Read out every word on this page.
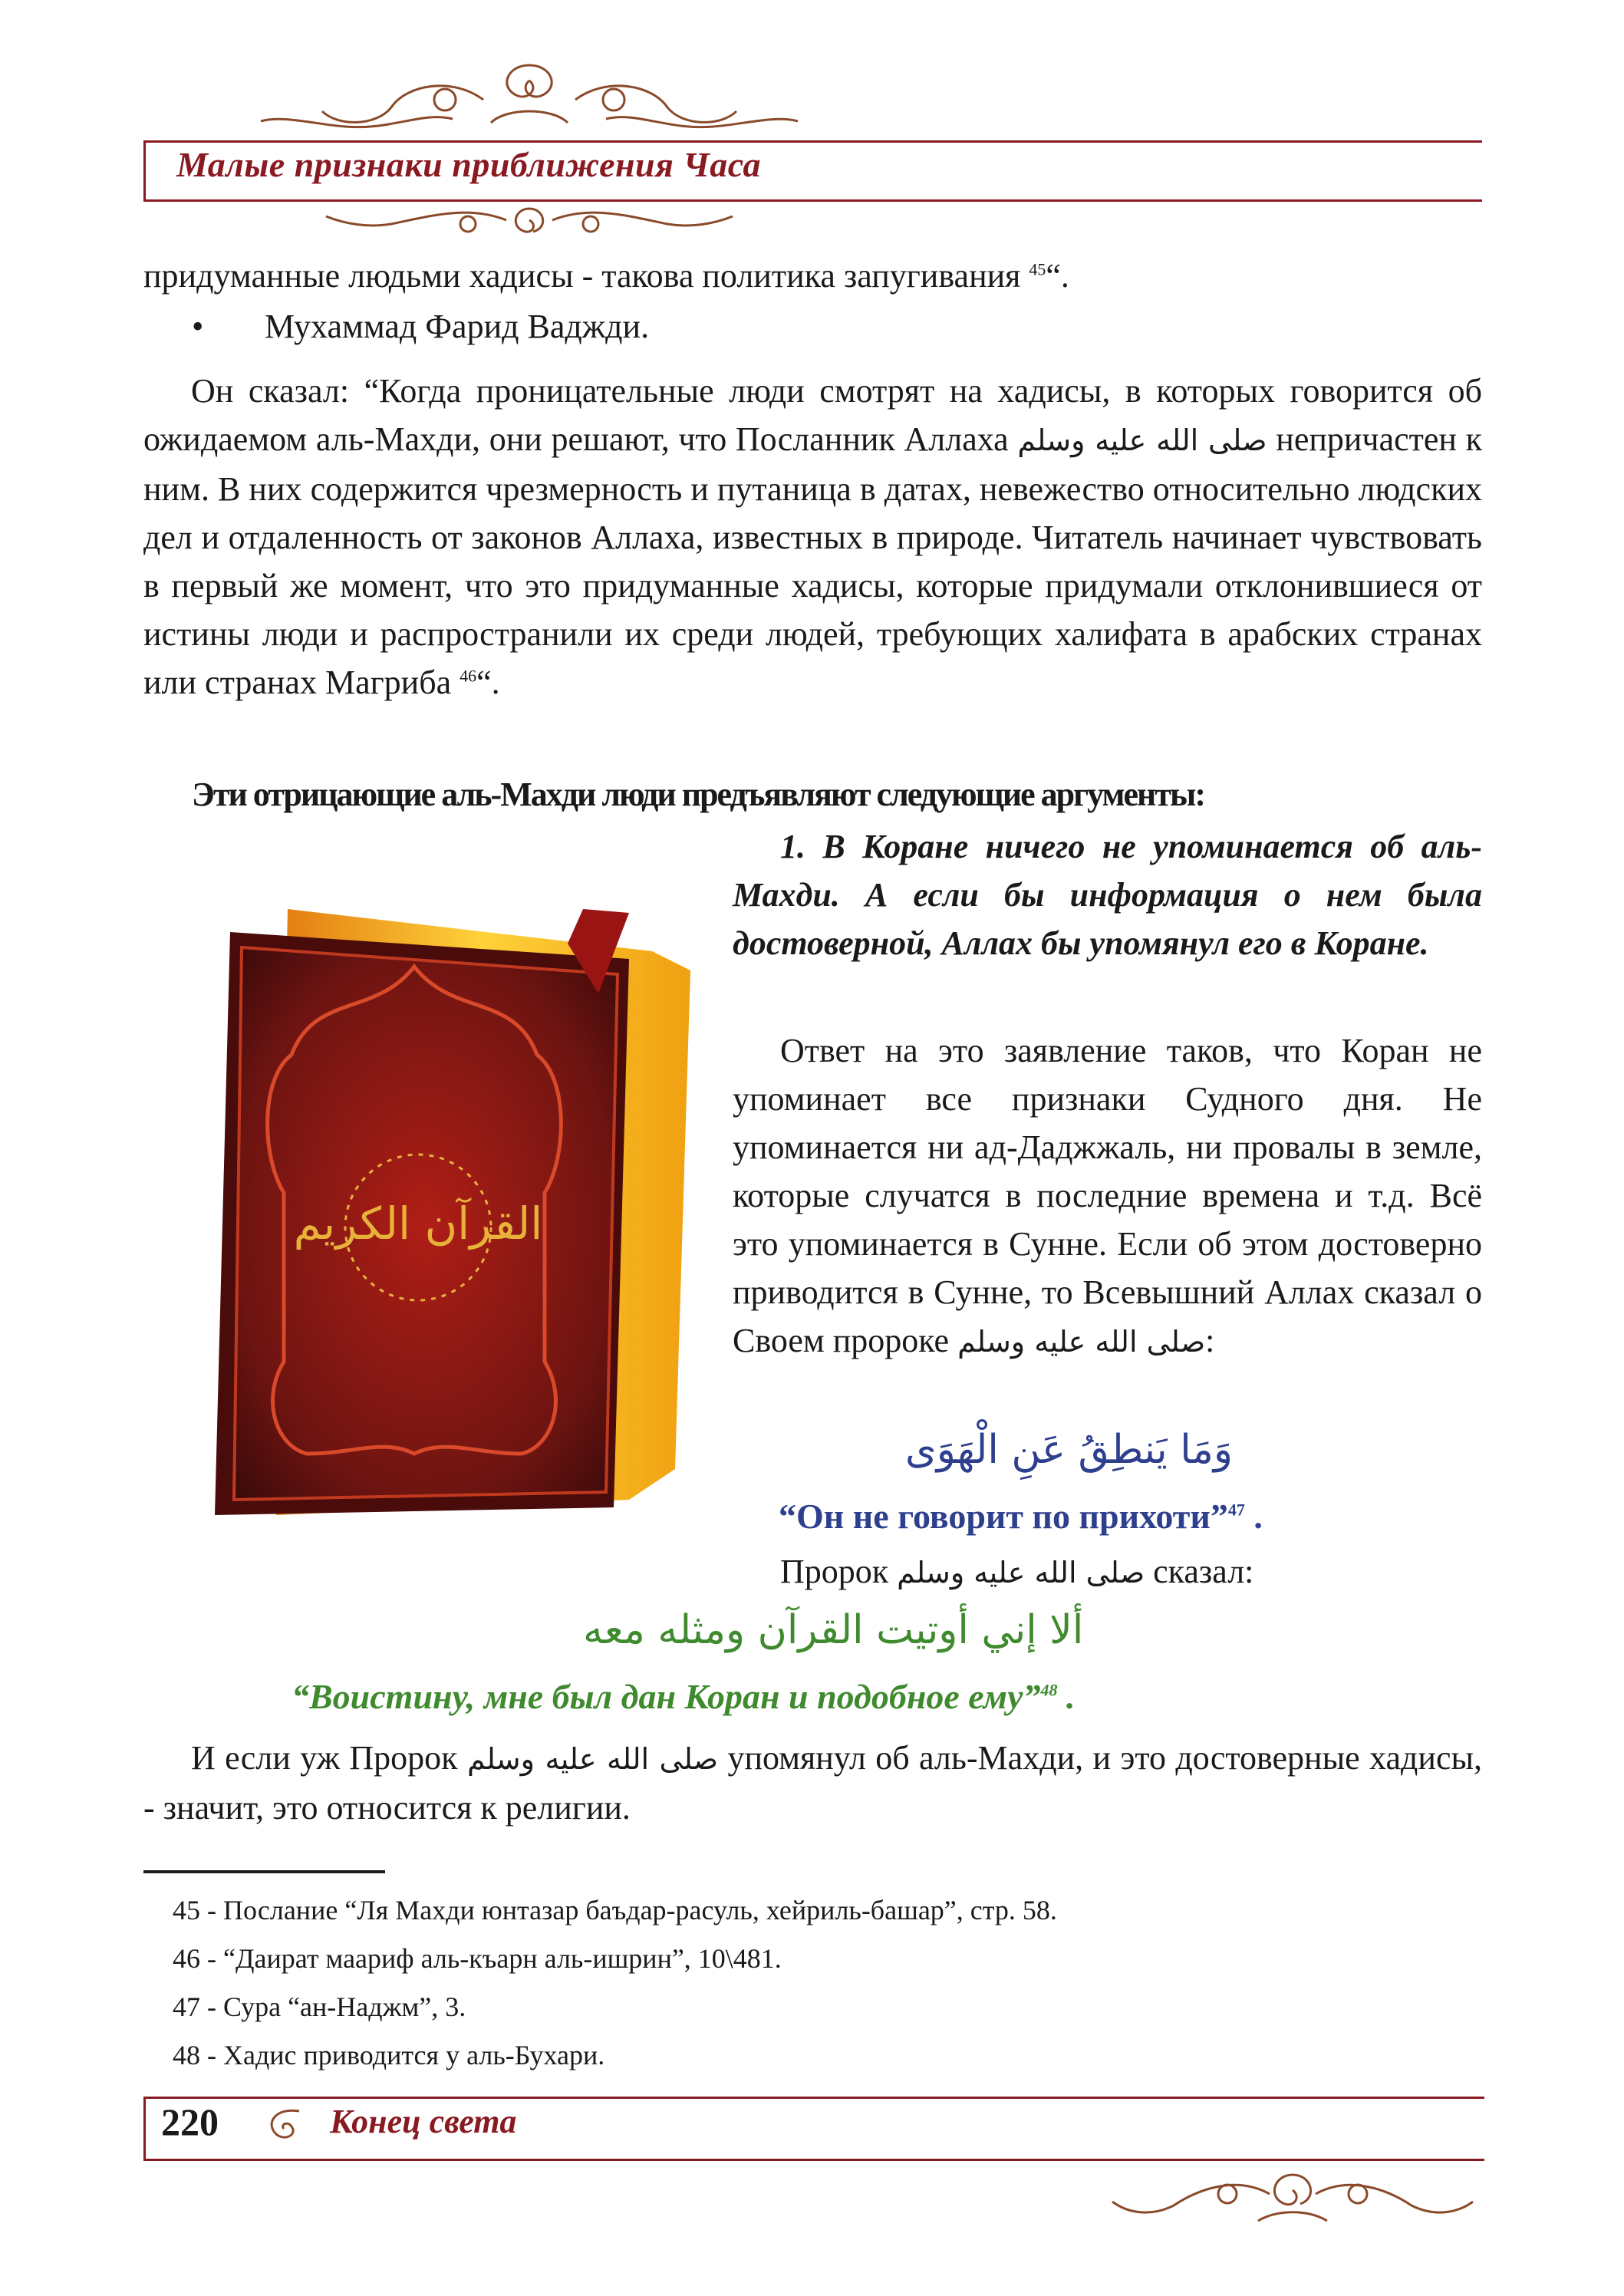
Малые признаки приближения Часа
придуманные людьми хадисы - такова политика запугивания $^{45}$“.
• Мухаммад Фарид Ваджди.
Он сказал: “Когда проницательные люди смотрят на хадисы, в которых говорится об ожидаемом аль-Махди, они решают, что Посланник Аллаха صلى الله عليه وسلم непричастен к ним. В них содержится чрезмерность и путаница в датах, невежество относительно людских дел и отдаленность от законов Аллаха, известных в природе. Читатель начинает чувствовать в первый же момент, что это придуманные хадисы, которые придумали отклонившиеся от истины люди и распространили их среди людей, требующих халифата в арабских странах или странах Магриба $^{46}$“.
Эти отрицающие аль-Махди люди предъявляют следующие аргументы:
القرآن الكريم
1. В Коране ничего не упоминается об аль-Махди. А если бы информация о нем была достоверной, Аллах бы упомянул его в Коране.
Ответ на это заявление таков, что Коран не упоминает все признаки Судного дня. Не упоминается ни ад-Даджжаль, ни провалы в земле, которые случатся в последние времена и т.д. Всё это упоминается в Сунне. Если об этом достоверно приводится в Сунне, то Всевышний Аллах сказал о Своем пророке صلى الله عليه وسلم:
وَمَا يَنطِقُ عَنِ الْهَوَى
“Он не говорит по прихоти”$^{47}$ .
Пророк صلى الله عليه وسلم сказал:
ألا إني أوتيت القرآن ومثله معه
“Воистину, мне был дан Коран и подобное ему”$^{48}$ .
И если уж Пророк صلى الله عليه وسلم упомянул об аль-Махди, и это достоверные хадисы, - значит, это относится к религии.
45 - Послание “Ля Махди юнтазар баъдар-расуль, хейриль-башар”, стр. 58.
46 - “Даират маариф аль-къарн аль-ишрин”, 10\481.
47 - Сура “ан-Наджм”, 3.
48 - Хадис приводится у аль-Бухари.
220	Конец света
